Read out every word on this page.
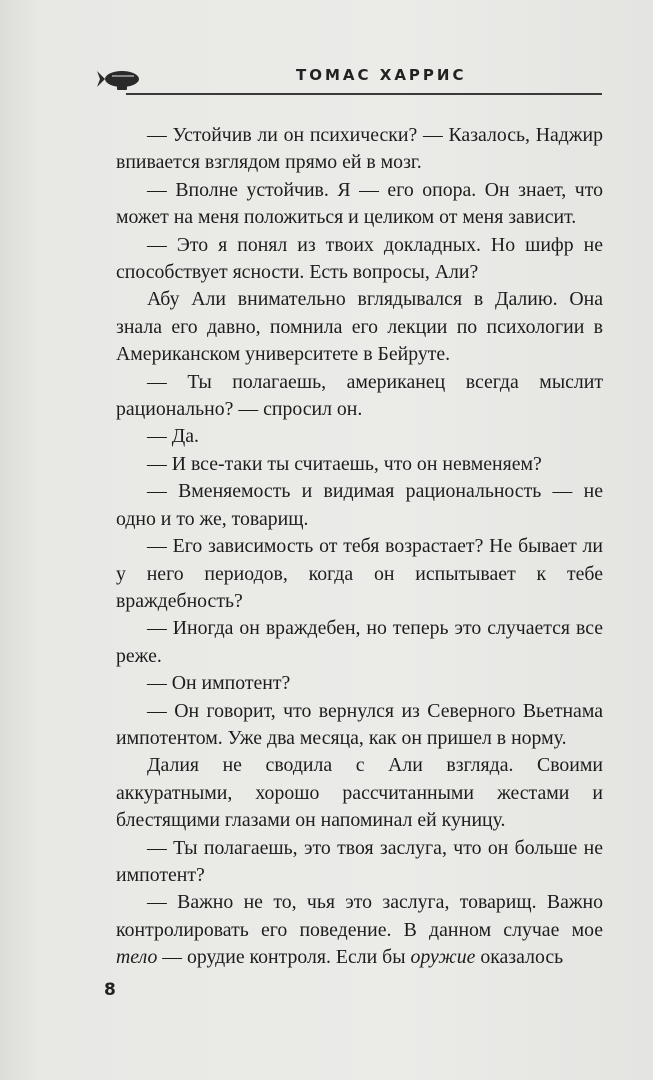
ТОМАС ХАРРИС

— Устойчив ли он психически? — Казалось, Наджир впивается взглядом прямо ей в мозг.

— Вполне устойчив. Я — его опора. Он знает, что может на меня положиться и целиком от меня зависит.

— Это я понял из твоих докладных. Но шифр не способствует ясности. Есть вопросы, Али?

Абу Али внимательно вглядывался в Далию. Она знала его давно, помнила его лекции по психологии в Американском университете в Бейруте.

— Ты полагаешь, американец всегда мыслит рационально? — спросил он.

— Да.

— И все-таки ты считаешь, что он невменяем?

— Вменяемость и видимая рациональность — не одно и то же, товарищ.

— Его зависимость от тебя возрастает? Не бывает ли у него периодов, когда он испытывает к тебе враждебность?

— Иногда он враждебен, но теперь это случается все реже.

— Он импотент?

— Он говорит, что вернулся из Северного Вьетнама импотентом. Уже два месяца, как он пришел в норму.

Далия не сводила с Али взгляда. Своими аккуратными, хорошо рассчитанными жестами и блестящими глазами он напоминал ей куницу.

— Ты полагаешь, это твоя заслуга, что он больше не импотент?

— Важно не то, чья это заслуга, товарищ. Важно контролировать его поведение. В данном случае мое тело — орудие контроля. Если бы оружие оказалось

8
